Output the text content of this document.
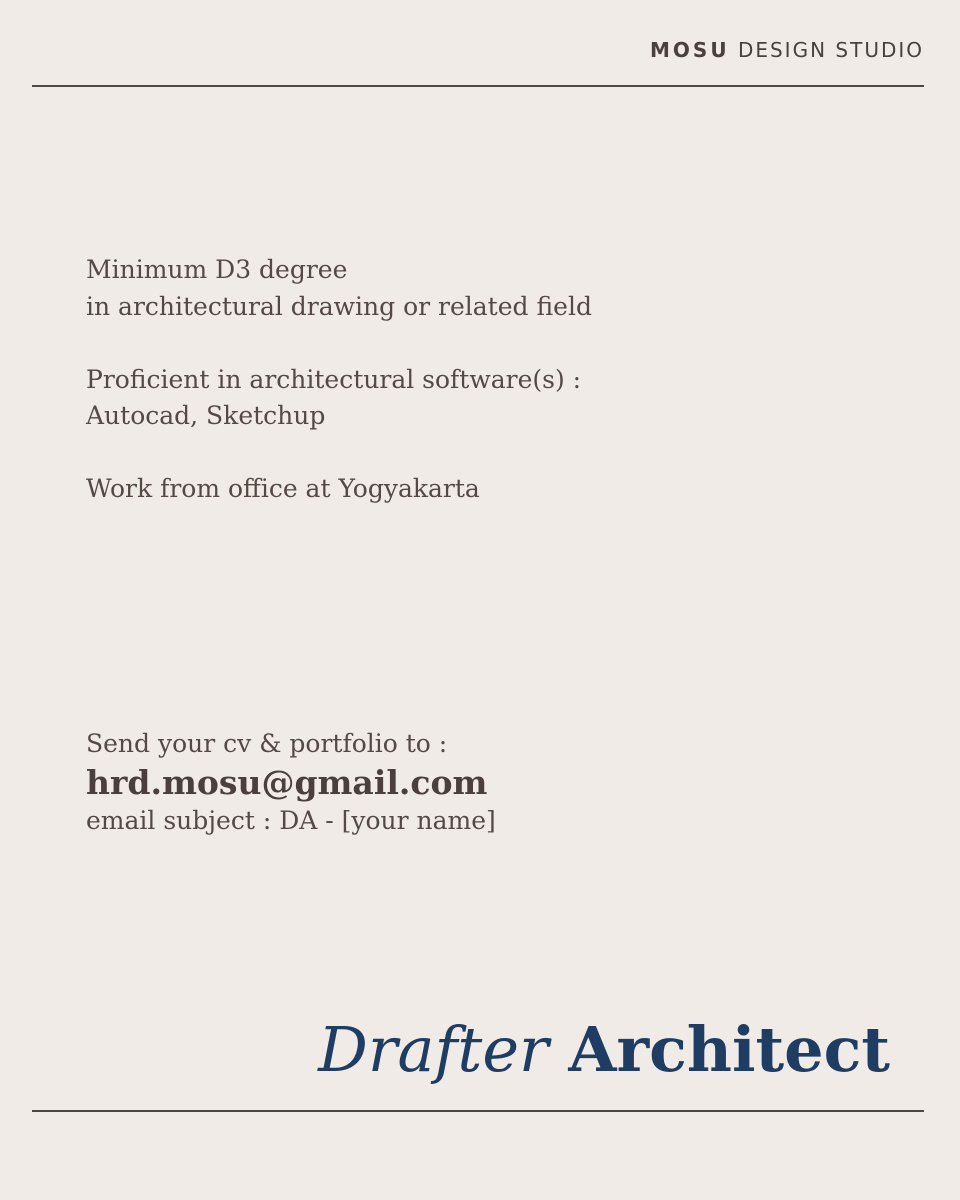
MOSU DESIGN STUDIO
Minimum D3 degree
in architectural drawing or related field
Proficient in architectural software(s) :
Autocad, Sketchup
Work from office at Yogyakarta
Send your cv & portfolio to :
hrd.mosu@gmail.com
email subject : DA - [your name]
Drafter Architect
